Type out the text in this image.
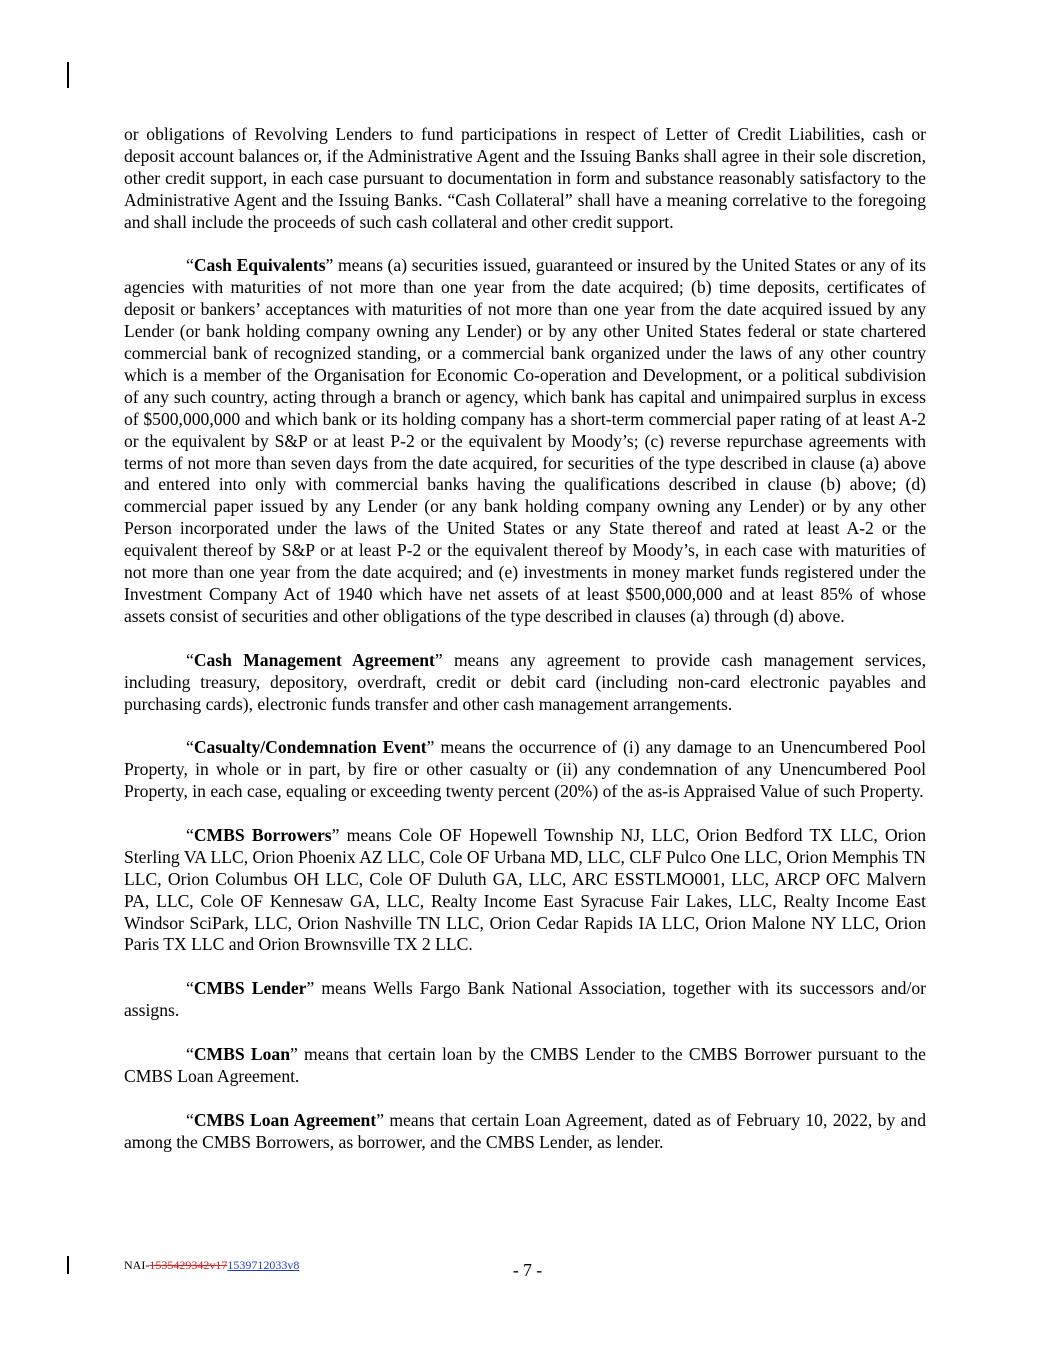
or obligations of Revolving Lenders to fund participations in respect of Letter of Credit Liabilities, cash or deposit account balances or, if the Administrative Agent and the Issuing Banks shall agree in their sole discretion, other credit support, in each case pursuant to documentation in form and substance reasonably satisfactory to the Administrative Agent and the Issuing Banks. “Cash Collateral” shall have a meaning correlative to the foregoing and shall include the proceeds of such cash collateral and other credit support.

“Cash Equivalents” means (a) securities issued, guaranteed or insured by the United States or any of its agencies with maturities of not more than one year from the date acquired; (b) time deposits, certificates of deposit or bankers’ acceptances with maturities of not more than one year from the date acquired issued by any Lender (or bank holding company owning any Lender) or by any other United States federal or state chartered commercial bank of recognized standing, or a commercial bank organized under the laws of any other country which is a member of the Organisation for Economic Co-operation and Development, or a political subdivision of any such country, acting through a branch or agency, which bank has capital and unimpaired surplus in excess of $500,000,000 and which bank or its holding company has a short-term commercial paper rating of at least A-2 or the equivalent by S&P or at least P-2 or the equivalent by Moody’s; (c) reverse repurchase agreements with terms of not more than seven days from the date acquired, for securities of the type described in clause (a) above and entered into only with commercial banks having the qualifications described in clause (b) above; (d) commercial paper issued by any Lender (or any bank holding company owning any Lender) or by any other Person incorporated under the laws of the United States or any State thereof and rated at least A-2 or the equivalent thereof by S&P or at least P-2 or the equivalent thereof by Moody’s, in each case with maturities of not more than one year from the date acquired; and (e) investments in money market funds registered under the Investment Company Act of 1940 which have net assets of at least $500,000,000 and at least 85% of whose assets consist of securities and other obligations of the type described in clauses (a) through (d) above.

“Cash Management Agreement” means any agreement to provide cash management services, including treasury, depository, overdraft, credit or debit card (including non-card electronic payables and purchasing cards), electronic funds transfer and other cash management arrangements.

“Casualty/Condemnation Event” means the occurrence of (i) any damage to an Unencumbered Pool Property, in whole or in part, by fire or other casualty or (ii) any condemnation of any Unencumbered Pool Property, in each case, equaling or exceeding twenty percent (20%) of the as-is Appraised Value of such Property.

“CMBS Borrowers” means Cole OF Hopewell Township NJ, LLC, Orion Bedford TX LLC, Orion Sterling VA LLC, Orion Phoenix AZ LLC, Cole OF Urbana MD, LLC, CLF Pulco One LLC, Orion Memphis TN LLC, Orion Columbus OH LLC, Cole OF Duluth GA, LLC, ARC ESSTLMO001, LLC, ARCP OFC Malvern PA, LLC, Cole OF Kennesaw GA, LLC, Realty Income East Syracuse Fair Lakes, LLC, Realty Income East Windsor SciPark, LLC, Orion Nashville TN LLC, Orion Cedar Rapids IA LLC, Orion Malone NY LLC, Orion Paris TX LLC and Orion Brownsville TX 2 LLC.

“CMBS Lender” means Wells Fargo Bank National Association, together with its successors and/or assigns.

“CMBS Loan” means that certain loan by the CMBS Lender to the CMBS Borrower pursuant to the CMBS Loan Agreement.

“CMBS Loan Agreement” means that certain Loan Agreement, dated as of February 10, 2022, by and among the CMBS Borrowers, as borrower, and the CMBS Lender, as lender.

NAI-1535429342v171539712033v8	- 7 -
